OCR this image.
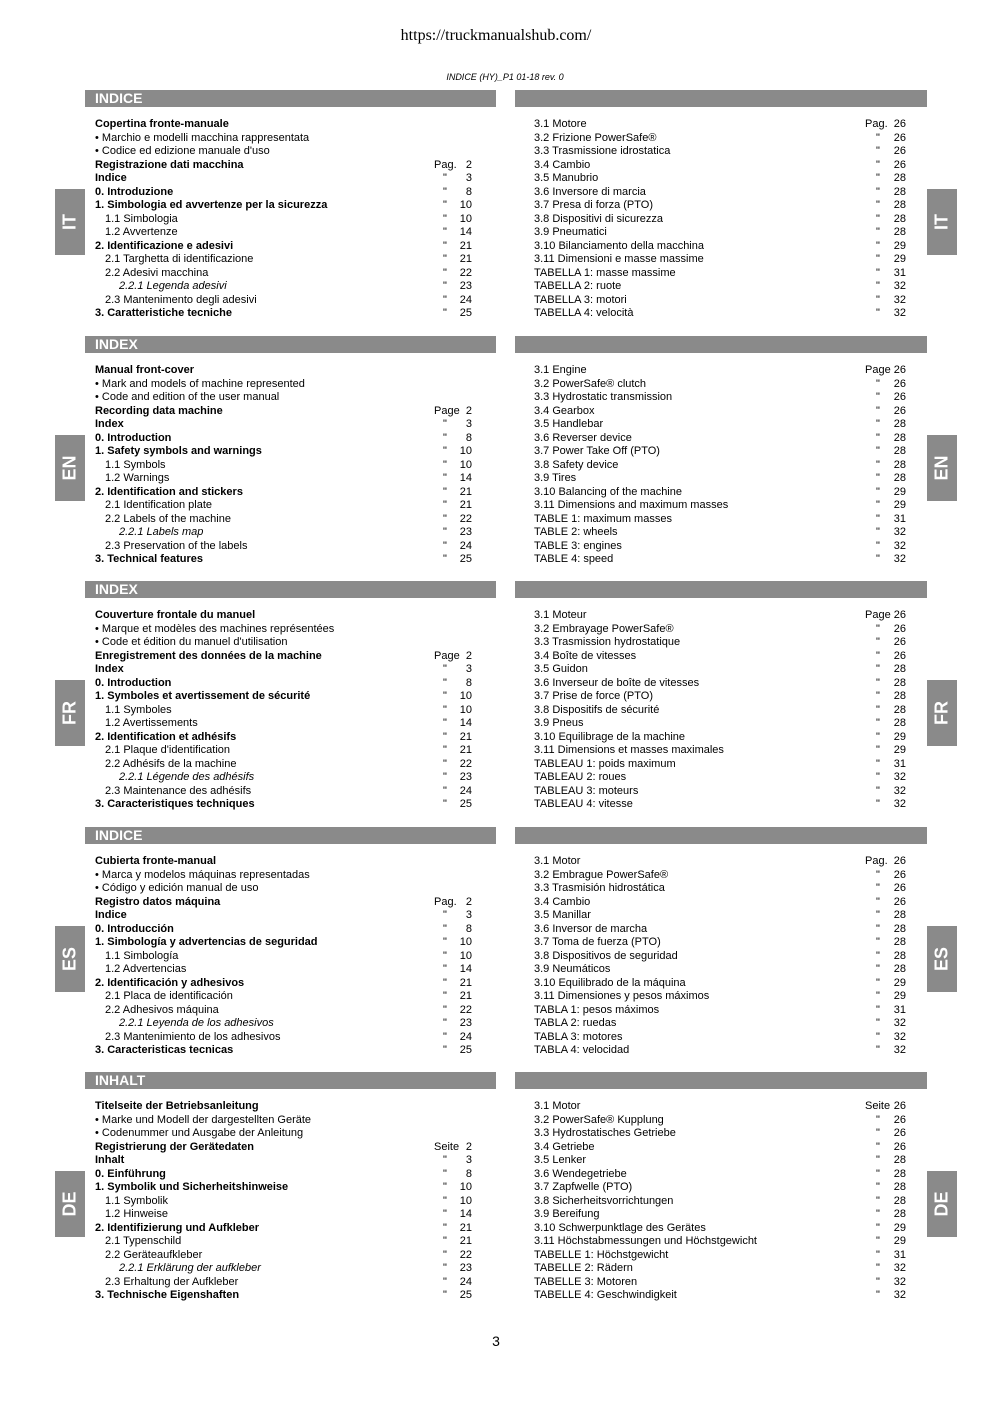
https://truckmanualshub.com/
INDICE (HY)_P1 01-18 rev. 0
INDICE
Copertina fronte-manuale
• Marchio e modelli macchina rappresentata
• Codice ed edizione manuale d'uso
Registrazione dati macchina	Pag. 2
Indice	"	3
0. Introduzione	"	8
1. Simbologia ed avvertenze per la sicurezza	"	10
1.1 Simbologia	"	10
1.2 Avvertenze	"	14
2. Identificazione e adesivi	"	21
2.1 Targhetta di identificazione	"	21
2.2 Adesivi macchina	"	22
2.2.1 Legenda adesivi	"	23
2.3 Mantenimento degli adesivi	"	24
3. Caratteristiche tecniche	"	25
3.1 Motore	Pag. 26
3.2 Frizione PowerSafe®	"	26
3.3 Trasmissione idrostatica	"	26
3.4 Cambio	"	26
3.5 Manubrio	"	28
3.6 Inversore di marcia	"	28
3.7 Presa di forza (PTO)	"	28
3.8 Dispositivi di sicurezza	"	28
3.9 Pneumatici	"	28
3.10 Bilanciamento della macchina	"	29
3.11 Dimensioni e masse massime	"	29
TABELLA 1: masse massime	"	31
TABELLA 2: ruote	"	32
TABELLA 3: motori	"	32
TABELLA 4: velocità	"	32
IT	IT
INDEX
Manual front-cover
• Mark and models of machine represented
• Code and edition of the user manual
Recording data machine	Page 2
Index	"	3
0. Introduction	"	8
1. Safety symbols and warnings	"	10
1.1 Symbols	"	10
1.2 Warnings	"	14
2. Identification and stickers	"	21
2.1 Identification plate	"	21
2.2 Labels of the machine	"	22
2.2.1 Labels map	"	23
2.3 Preservation of the labels	"	24
3. Technical features	"	25
3.1 Engine	Page 26
3.2 PowerSafe® clutch	"	26
3.3 Hydrostatic transmission	"	26
3.4 Gearbox	"	26
3.5 Handlebar	"	28
3.6 Reverser device	"	28
3.7 Power Take Off (PTO)	"	28
3.8 Safety device	"	28
3.9 Tires	"	28
3.10 Balancing of the machine	"	29
3.11 Dimensions and maximum masses	"	29
TABLE 1: maximum masses	"	31
TABLE 2: wheels	"	32
TABLE 3: engines	"	32
TABLE 4: speed	"	32
EN	EN
INDEX
Couverture frontale du manuel
• Marque et modèles des machines représentées
• Code et édition du manuel d'utilisation
Enregistrement des données de la machine	Page 2
Index	"	3
0. Introduction	"	8
1. Symboles et avertissement de sécurité	"	10
1.1 Symboles	"	10
1.2 Avertissements	"	14
2. Identification et adhésifs	"	21
2.1 Plaque d'identification	"	21
2.2 Adhésifs de la machine	"	22
2.2.1 Légende des adhésifs	"	23
2.3 Maintenance des adhésifs	"	24
3. Caracteristiques techniques	"	25
3.1 Moteur	Page 26
3.2 Embrayage PowerSafe®	"	26
3.3 Trasmission hydrostatique	"	26
3.4 Boîte de vitesses	"	26
3.5 Guidon	"	28
3.6 Inverseur de boîte de vitesses	"	28
3.7 Prise de force (PTO)	"	28
3.8 Dispositifs de sécurité	"	28
3.9 Pneus	"	28
3.10 Equilibrage de la machine	"	29
3.11 Dimensions et masses maximales	"	29
TABLEAU 1: poids maximum	"	31
TABLEAU 2: roues	"	32
TABLEAU 3: moteurs	"	32
TABLEAU 4: vitesse	"	32
FR	FR
INDICE
Cubierta fronte-manual
• Marca y modelos máquinas representadas
• Código y edición manual de uso
Registro datos máquina	Pag. 2
Indice	"	3
0. Introducción	"	8
1. Simbología y advertencias de seguridad	"	10
1.1 Simbología	"	10
1.2 Advertencias	"	14
2. Identificación y adhesivos	"	21
2.1 Placa de identificación	"	21
2.2 Adhesivos máquina	"	22
2.2.1 Leyenda de los adhesivos	"	23
2.3 Mantenimiento de los adhesivos	"	24
3. Caracteristicas tecnicas	"	25
3.1 Motor	Pag. 26
3.2 Embrague PowerSafe®	"	26
3.3 Trasmisión hidrostática	"	26
3.4 Cambio	"	26
3.5 Manillar	"	28
3.6 Inversor de marcha	"	28
3.7 Toma de fuerza (PTO)	"	28
3.8 Dispositivos de seguridad	"	28
3.9 Neumáticos	"	28
3.10 Equilibrado de la máquina	"	29
3.11 Dimensiones y pesos máximos	"	29
TABLA 1: pesos máximos	"	31
TABLA 2: ruedas	"	32
TABLA 3: motores	"	32
TABLA 4: velocidad	"	32
ES	ES
INHALT
Titelseite der Betriebsanleitung
• Marke und Modell der dargestellten Geräte
• Codenummer und Ausgabe der Anleitung
Registrierung der Gerätedaten	Seite 2
Inhalt	"	3
0. Einführung	"	8
1. Symbolik und Sicherheitshinweise	"	10
1.1 Symbolik	"	10
1.2 Hinweise	"	14
2. Identifizierung und Aufkleber	"	21
2.1 Typenschild	"	21
2.2 Geräteaufkleber	"	22
2.2.1 Erklärung der aufkleber	"	23
2.3 Erhaltung der Aufkleber	"	24
3. Technische Eigenshaften	"	25
3.1 Motor	Seite 26
3.2 PowerSafe® Kupplung	"	26
3.3 Hydrostatisches Getriebe	"	26
3.4 Getriebe	"	26
3.5 Lenker	"	28
3.6 Wendegetriebe	"	28
3.7 Zapfwelle (PTO)	"	28
3.8 Sicherheitsvorrichtungen	"	28
3.9 Bereifung	"	28
3.10 Schwerpunktlage des Gerätes	"	29
3.11 Höchstabmessungen und Höchstgewicht	"	29
TABELLE 1: Höchstgewicht	"	31
TABELLE 2: Rädern	"	32
TABELLE 3: Motoren	"	32
TABELLE 4: Geschwindigkeit	"	32
DE	DE
3
